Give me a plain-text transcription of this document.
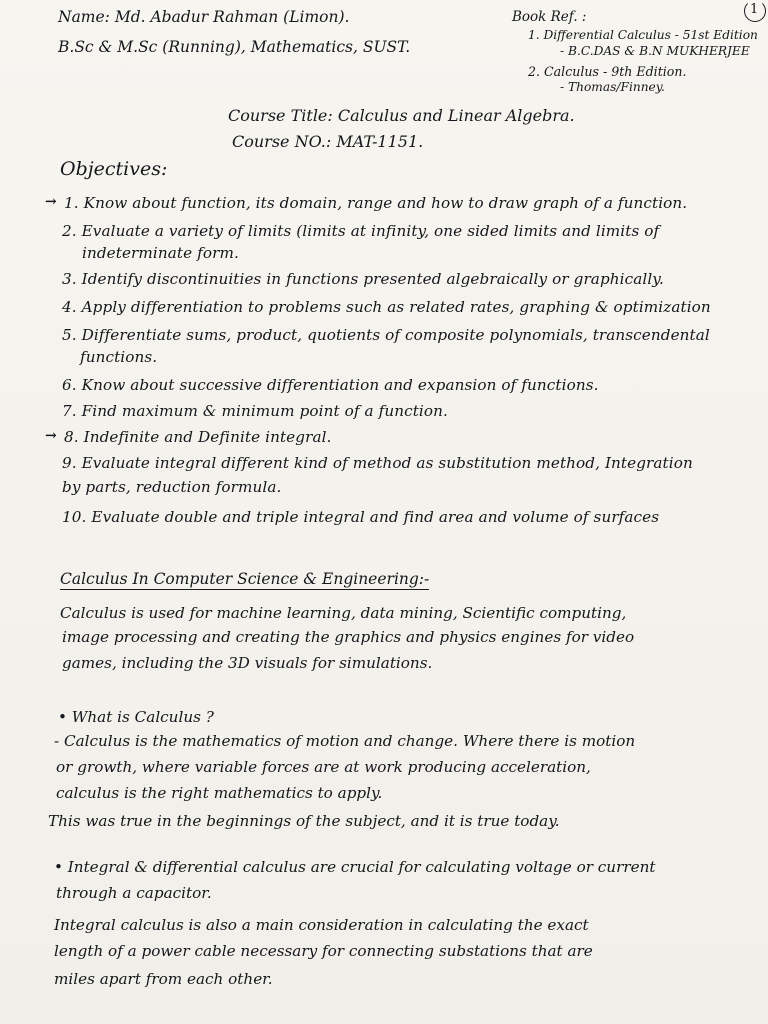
1
Name: Md. Abadur Rahman (Limon).
B.Sc & M.Sc (Running), Mathematics, SUST.
Book Ref. :
1. Differential Calculus - 51st Edition
- B.C.DAS & B.N MUKHERJEE
2. Calculus - 9th Edition.
- Thomas/Finney.
Course Title: Calculus and Linear Algebra.
Course NO.: MAT-1151.
Objectives:
→ 1. Know about function, its domain, range and how to draw graph of a function.
2. Evaluate a variety of limits (limits at infinity, one sided limits and limits of
indeterminate form.
3. Identify discontinuities in functions presented algebraically or graphically.
4. Apply differentiation to problems such as related rates, graphing & optimization
5. Differentiate sums, product, quotients of composite polynomials, transcendental
functions.
6. Know about successive differentiation and expansion of functions.
7. Find maximum & minimum point of a function.
→ 8. Indefinite and Definite integral.
9. Evaluate integral different kind of method as substitution method, Integration
by parts, reduction formula.
10. Evaluate double and triple integral and find area and volume of surfaces
Calculus In Computer Science & Engineering:-
Calculus is used for machine learning, data mining, Scientific computing,
image processing and creating the graphics and physics engines for video
games, including the 3D visuals for simulations.
• What is Calculus ?
- Calculus is the mathematics of motion and change. Where there is motion
or growth, where variable forces are at work producing acceleration,
calculus is the right mathematics to apply.
This was true in the beginnings of the subject, and it is true today.
• Integral & differential calculus are crucial for calculating voltage or current
through a capacitor.
Integral calculus is also a main consideration in calculating the exact
length of a power cable necessary for connecting substations that are
miles apart from each other.
